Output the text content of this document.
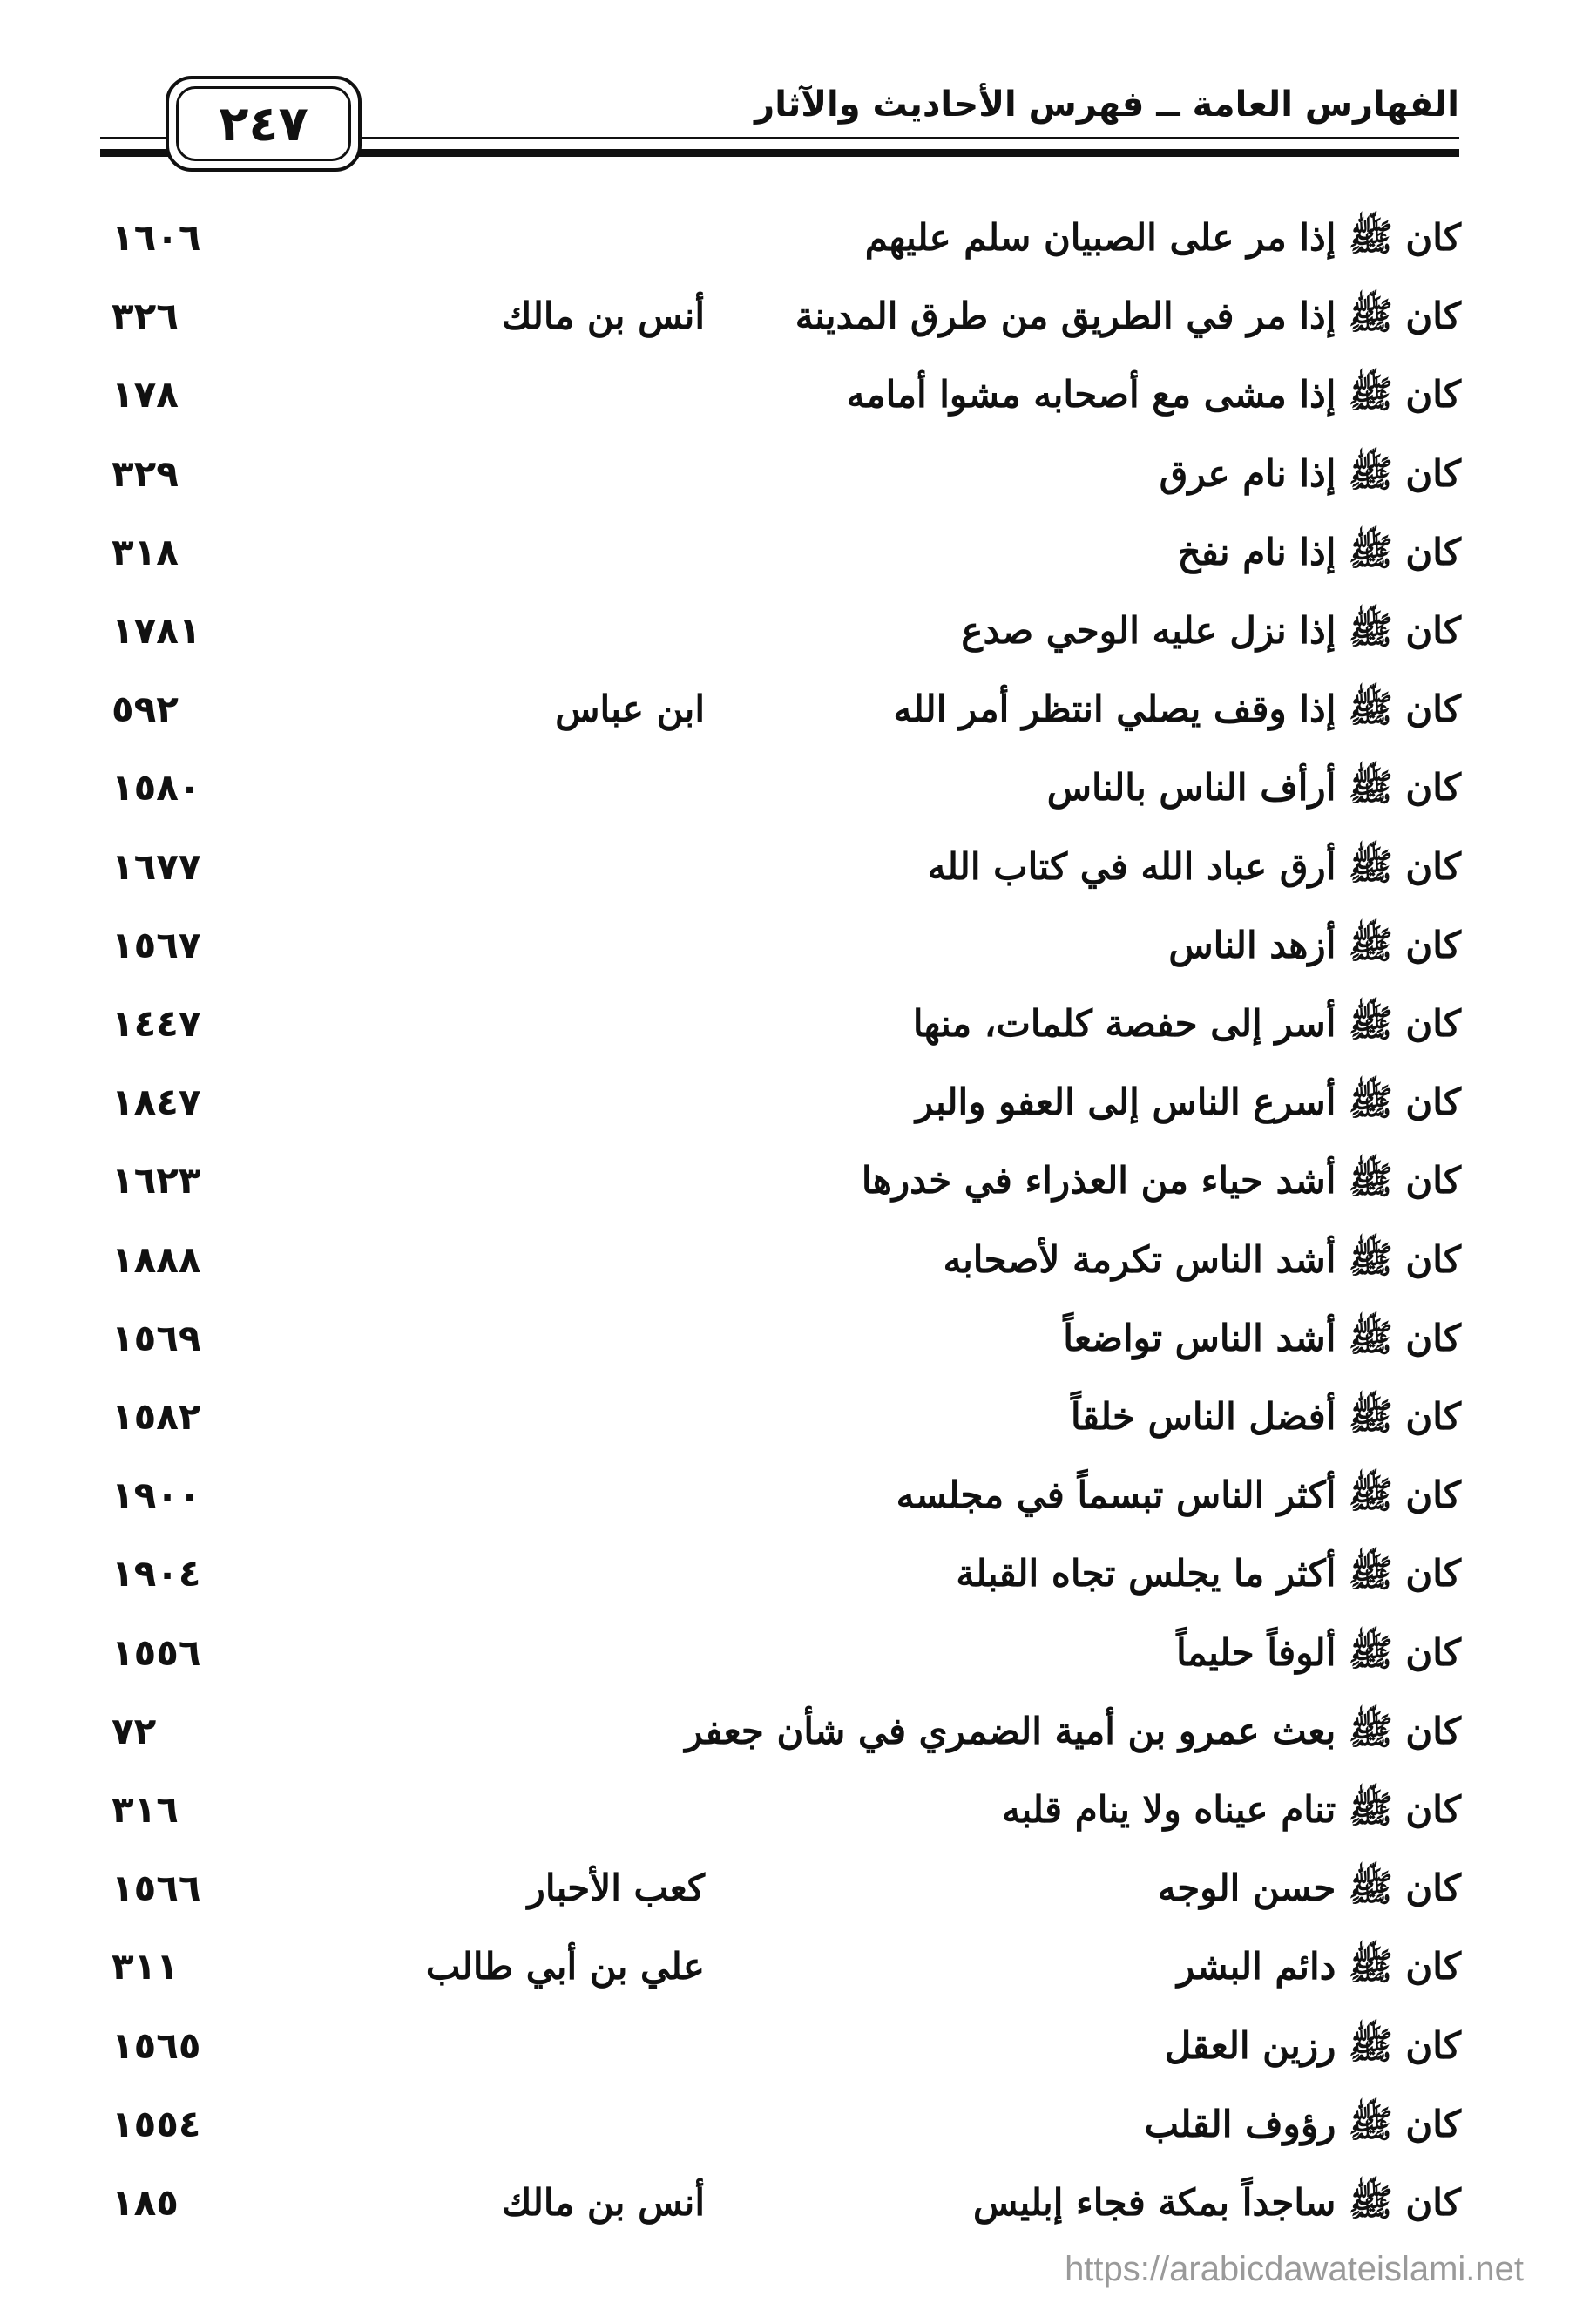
٢٤٧	الفهارس العامة ــ فهرس الأحاديث والآثار
كان ﷺ إذا مر على الصبيان سلم عليهم
١٦٠٦
كان ﷺ إذا مر في الطريق من طرق المدينة
أنس بن مالك
٣٢٦
كان ﷺ إذا مشى مع أصحابه مشوا أمامه
١٧٨
كان ﷺ إذا نام عرق
٣٢٩
كان ﷺ إذا نام نفخ
٣١٨
كان ﷺ إذا نزل عليه الوحي صدع
١٧٨١
كان ﷺ إذا وقف يصلي انتظر أمر الله
ابن عباس
٥٩٢
كان ﷺ أرأف الناس بالناس
١٥٨٠
كان ﷺ أرق عباد الله في كتاب الله
١٦٧٧
كان ﷺ أزهد الناس
١٥٦٧
كان ﷺ أسر إلى حفصة كلمات، منها
١٤٤٧
كان ﷺ أسرع الناس إلى العفو والبر
١٨٤٧
كان ﷺ أشد حياء من العذراء في خدرها
١٦٢٣
كان ﷺ أشد الناس تكرمة لأصحابه
١٨٨٨
كان ﷺ أشد الناس تواضعاً
١٥٦٩
كان ﷺ أفضل الناس خلقاً
١٥٨٢
كان ﷺ أكثر الناس تبسماً في مجلسه
١٩٠٠
كان ﷺ أكثر ما يجلس تجاه القبلة
١٩٠٤
كان ﷺ ألوفاً حليماً
١٥٥٦
كان ﷺ بعث عمرو بن أمية الضمري في شأن جعفر
٧٢
كان ﷺ تنام عيناه ولا ينام قلبه
٣١٦
كان ﷺ حسن الوجه
كعب الأحبار
١٥٦٦
كان ﷺ دائم البشر
علي بن أبي طالب
٣١١
كان ﷺ رزين العقل
١٥٦٥
كان ﷺ رؤوف القلب
١٥٥٤
كان ﷺ ساجداً بمكة فجاء إبليس
أنس بن مالك
١٨٥
https://arabicdawateislami.net
